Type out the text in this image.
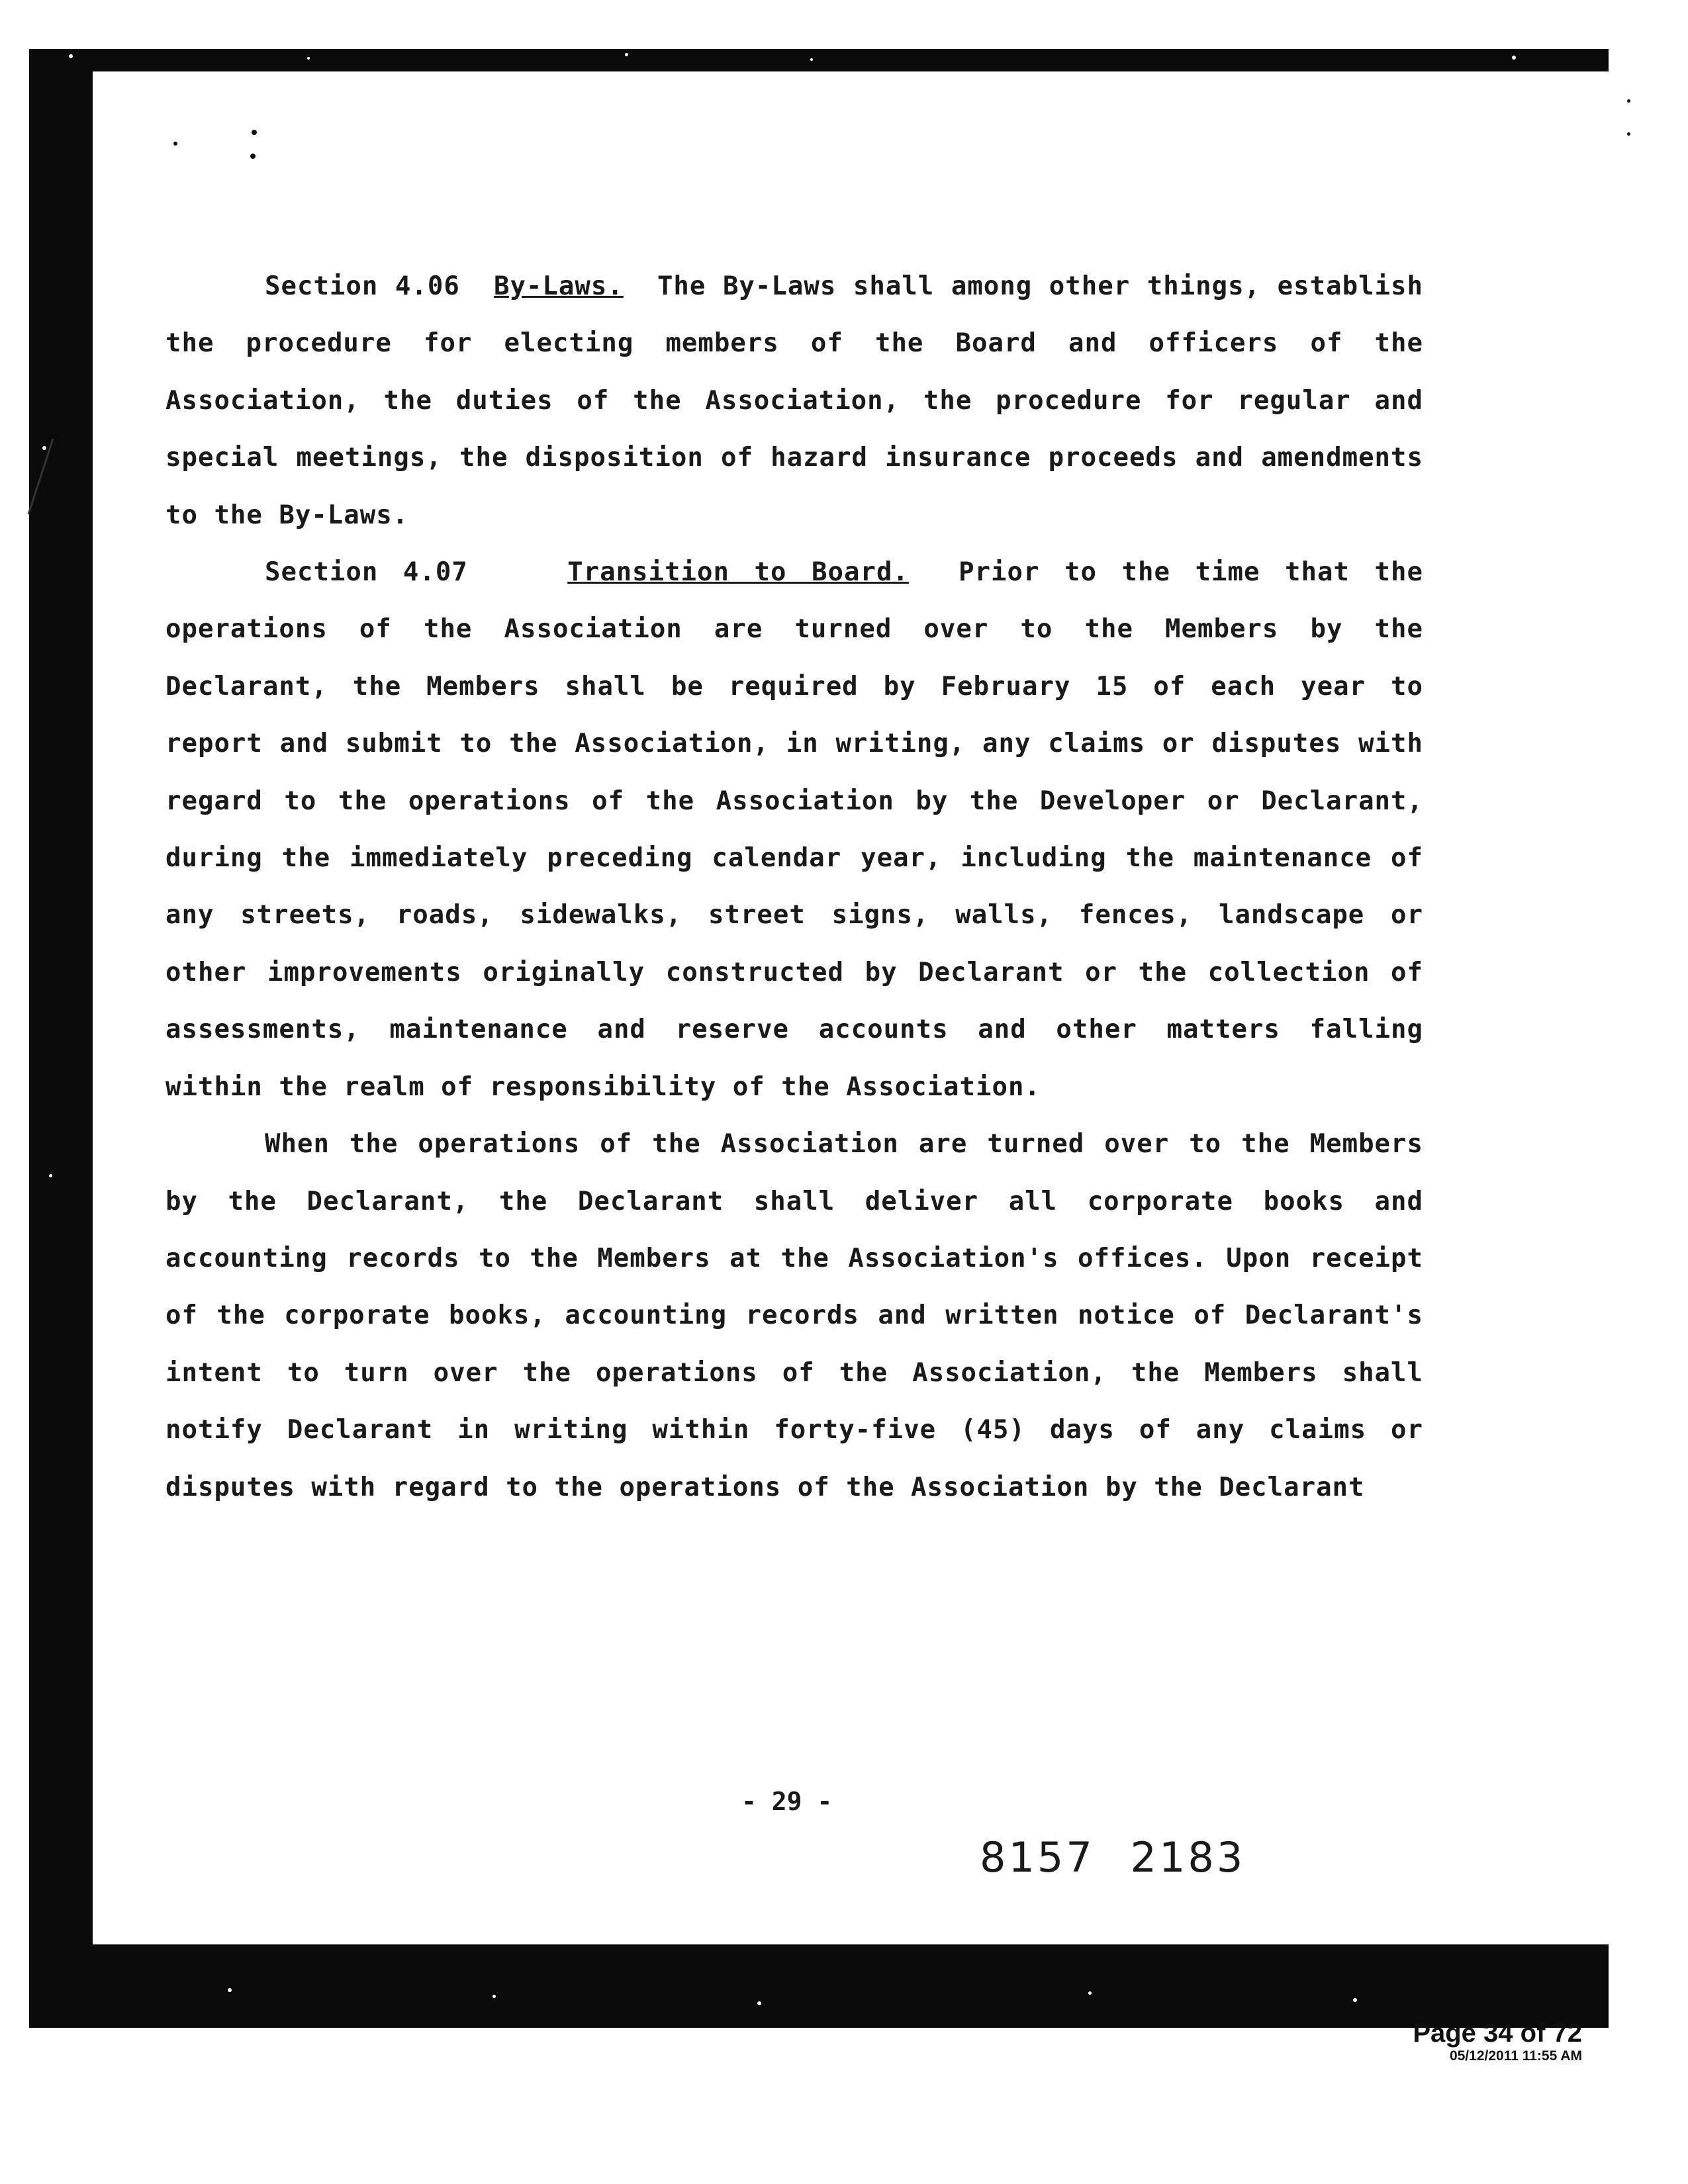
Section 4.06 By-Laws. The By-Laws shall among other things, establish the procedure for electing members of the Board and officers of the Association, the duties of the Association, the procedure for regular and special meetings, the disposition of hazard insurance proceeds and amendments to the By-Laws.

Section 4.07	Transition to Board. Prior to the time that the operations of the Association are turned over to the Members by the Declarant, the Members shall be required by February 15 of each year to report and submit to the Association, in writing, any claims or disputes with regard to the operations of the Association by the Developer or Declarant, during the immediately preceding calendar year, including the maintenance of any streets, roads, sidewalks, street signs, walls, fences, landscape or other improvements originally constructed by Declarant or the collection of assessments, maintenance and reserve accounts and other matters falling within the realm of responsibility of the Association.

When the operations of the Association are turned over to the Members by the Declarant, the Declarant shall deliver all corporate books and accounting records to the Members at the Association's offices. Upon receipt of the corporate books, accounting records and written notice of Declarant's intent to turn over the operations of the Association, the Members shall notify Declarant in writing within forty-five (45) days of any claims or disputes with regard to the operations of the Association by the Declarant

- 29 -
8157 2183
Page 34 of 72
05/12/2011 11:55 AM
